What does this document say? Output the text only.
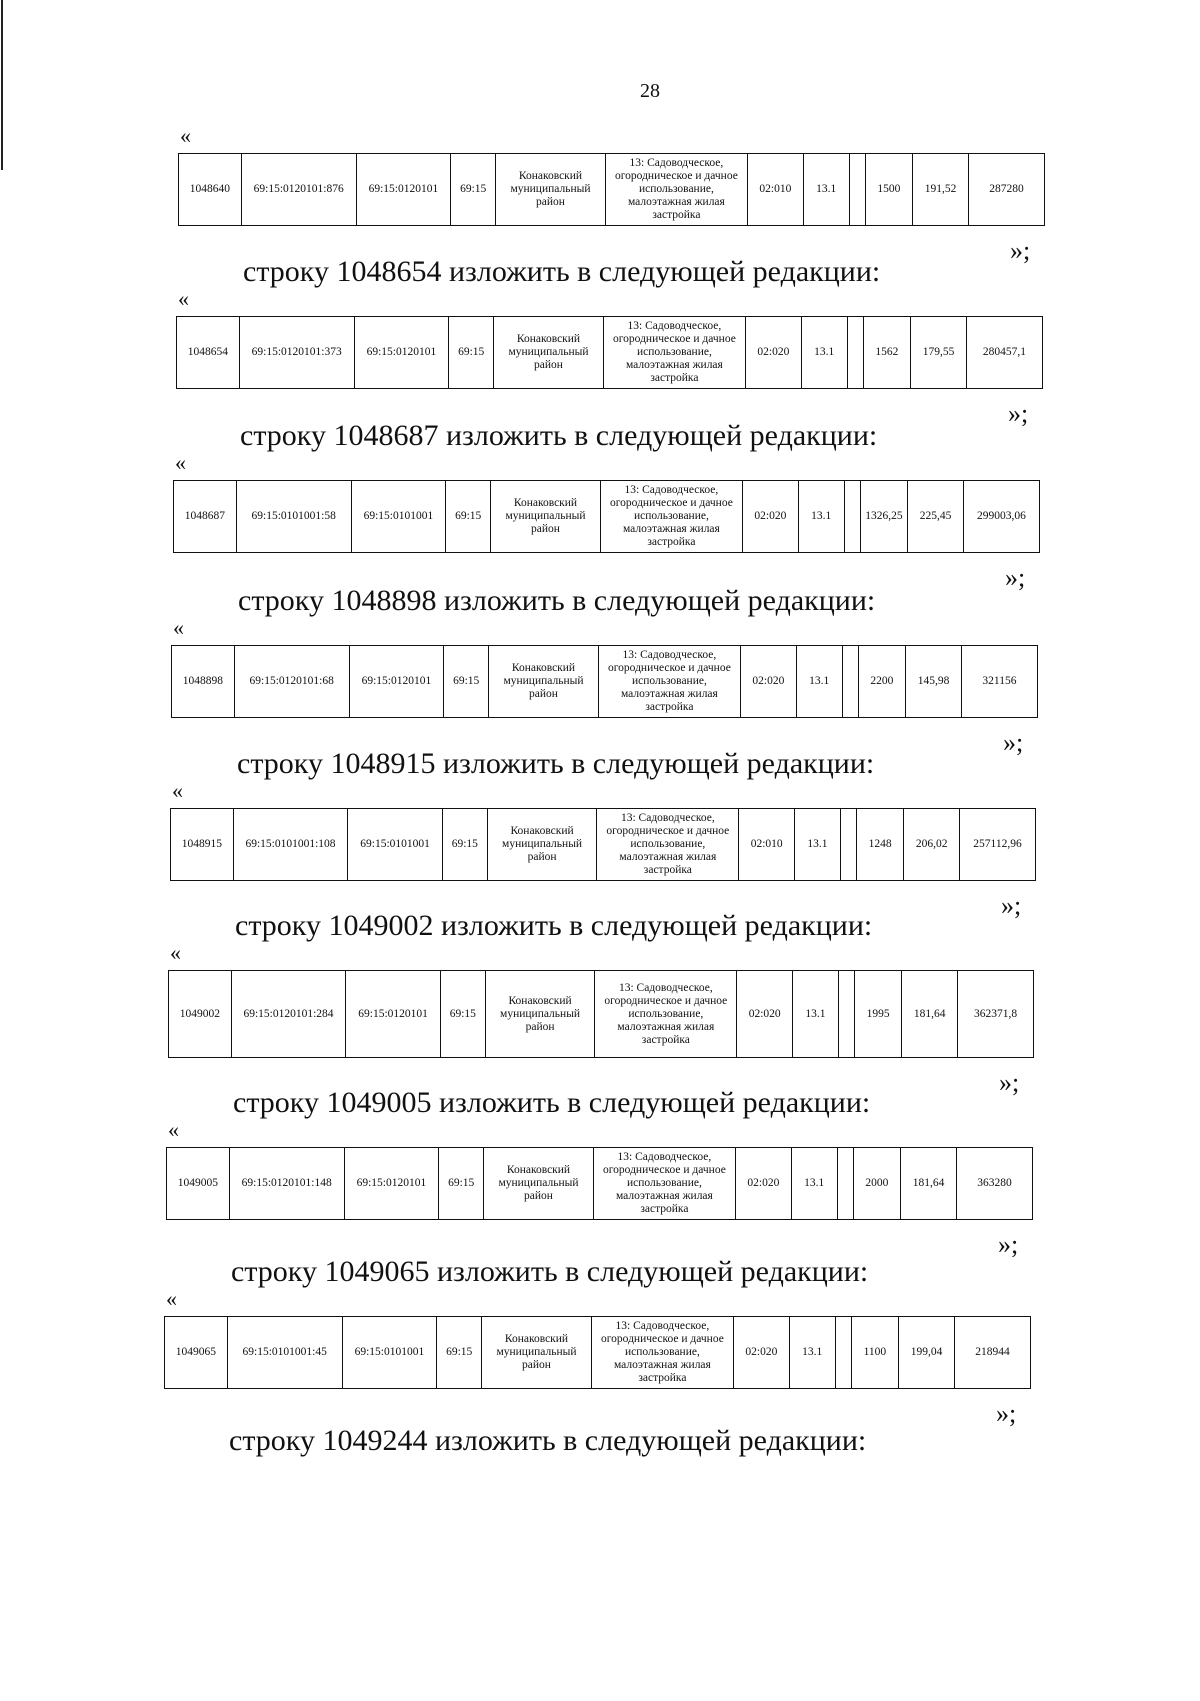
28
«
1048640	69:15:0120101:876	69:15:0120101	69:15	Конаковский муниципальный район	13: Садоводческое, огородническое и дачное использование, малоэтажная жилая застройка	02:010	13.1		1500	191,52	287280
»;
строку 1048654 изложить в следующей редакции:
«
1048654	69:15:0120101:373	69:15:0120101	69:15	Конаковский муниципальный район	13: Садоводческое, огородническое и дачное использование, малоэтажная жилая застройка	02:020	13.1		1562	179,55	280457,1
»;
строку 1048687 изложить в следующей редакции:
«
1048687	69:15:0101001:58	69:15:0101001	69:15	Конаковский муниципальный район	13: Садоводческое, огородническое и дачное использование, малоэтажная жилая застройка	02:020	13.1		1326,25	225,45	299003,06
»;
строку 1048898 изложить в следующей редакции:
«
1048898	69:15:0120101:68	69:15:0120101	69:15	Конаковский муниципальный район	13: Садоводческое, огородническое и дачное использование, малоэтажная жилая застройка	02:020	13.1		2200	145,98	321156
»;
строку 1048915 изложить в следующей редакции:
«
1048915	69:15:0101001:108	69:15:0101001	69:15	Конаковский муниципальный район	13: Садоводческое, огородническое и дачное использование, малоэтажная жилая застройка	02:010	13.1		1248	206,02	257112,96
»;
строку 1049002 изложить в следующей редакции:
«
1049002	69:15:0120101:284	69:15:0120101	69:15	Конаковский муниципальный район	13: Садоводческое, огородническое и дачное использование, малоэтажная жилая застройка	02:020	13.1		1995	181,64	362371,8
»;
строку 1049005 изложить в следующей редакции:
«
1049005	69:15:0120101:148	69:15:0120101	69:15	Конаковский муниципальный район	13: Садоводческое, огородническое и дачное использование, малоэтажная жилая застройка	02:020	13.1		2000	181,64	363280
»;
строку 1049065 изложить в следующей редакции:
«
1049065	69:15:0101001:45	69:15:0101001	69:15	Конаковский муниципальный район	13: Садоводческое, огородническое и дачное использование, малоэтажная жилая застройка	02:020	13.1		1100	199,04	218944
»;
строку 1049244 изложить в следующей редакции:
